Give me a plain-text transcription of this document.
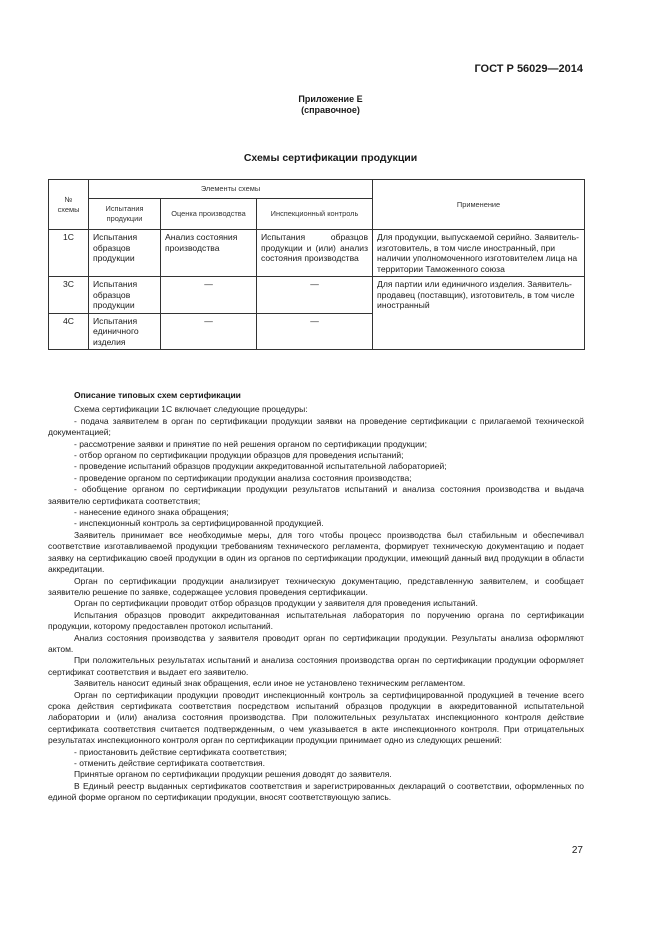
ГОСТ Р 56029—2014
Приложение Е
(справочное)
Схемы сертификации продукции
№ схемы	Элементы схемы			Применение
	Испытания продукции	Оценка производства	Инспекционный контроль	
1С	Испытания образцов продукции	Анализ состояния производства	Испытания образцов продукции и (или) анализ состояния производства	Для продукции, выпускаемой серийно. Заявитель-изготовитель, в том числе иностранный, при наличии уполномоченного изготовителем лица на территории Таможенного союза
3С	Испытания образцов продукции	—	—	Для партии или единичного изделия. Заявитель-продавец (поставщик), изготовитель, в том числе иностранный
4С	Испытания единичного изделия	—	—	

Описание типовых схем сертификации

Схема сертификации 1С включает следующие процедуры:

- подача заявителем в орган по сертификации продукции заявки на проведение сертификации с прилагаемой технической документацией;

- рассмотрение заявки и принятие по ней решения органом по сертификации продукции;

- отбор органом по сертификации продукции образцов для проведения испытаний;

- проведение испытаний образцов продукции аккредитованной испытательной лабораторией;

- проведение органом по сертификации продукции анализа состояния производства;

- обобщение органом по сертификации продукции результатов испытаний и анализа состояния производства и выдача заявителю сертификата соответствия;

- нанесение единого знака обращения;

- инспекционный контроль за сертифицированной продукцией.

Заявитель принимает все необходимые меры, для того чтобы процесс производства был стабильным и обеспечивал соответствие изготавливаемой продукции требованиям технического регламента, формирует техническую документацию и подает заявку на сертификацию своей продукции в один из органов по сертификации продукции, имеющий данный вид продукции в области аккредитации.

Орган по сертификации продукции анализирует техническую документацию, представленную заявителем, и сообщает заявителю решение по заявке, содержащее условия проведения сертификации.

Орган по сертификации проводит отбор образцов продукции у заявителя для проведения испытаний.

Испытания образцов проводит аккредитованная испытательная лаборатория по поручению органа по сертификации продукции, которому предоставлен протокол испытаний.

Анализ состояния производства у заявителя проводит орган по сертификации продукции. Результаты анализа оформляют актом.

При положительных результатах испытаний и анализа состояния производства орган по сертификации продукции оформляет сертификат соответствия и выдает его заявителю.

Заявитель наносит единый знак обращения, если иное не установлено техническим регламентом.

Орган по сертификации продукции проводит инспекционный контроль за сертифицированной продукцией в течение всего срока действия сертификата соответствия посредством испытаний образцов продукции в аккредитованной испытательной лаборатории и (или) анализа состояния производства. При положительных результатах инспекционного контроля действие сертификата соответствия считается подтвержденным, о чем указывается в акте инспекционного контроля. При отрицательных результатах инспекционного контроля орган по сертификации продукции принимает одно из следующих решений:

- приостановить действие сертификата соответствия;

- отменить действие сертификата соответствия.

Принятые органом по сертификации продукции решения доводят до заявителя.

В Единый реестр выданных сертификатов соответствия и зарегистрированных деклараций о соответствии, оформленных по единой форме органом по сертификации продукции, вносят соответствующую запись.

27
